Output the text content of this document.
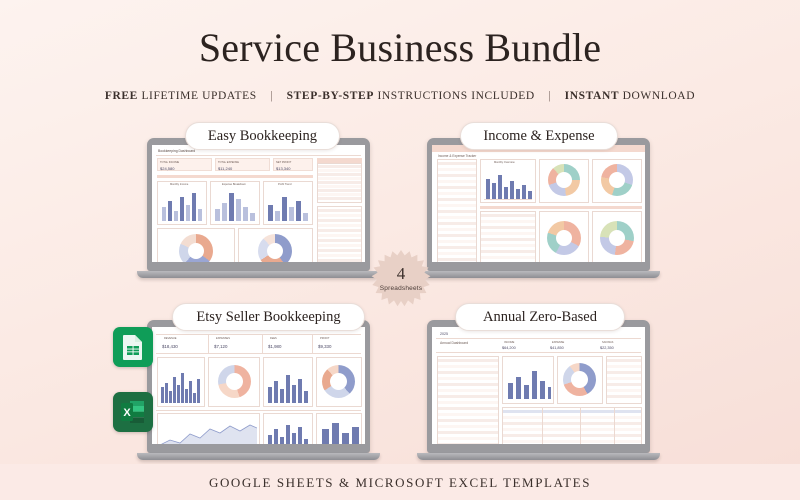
Service Business Bundle
FREE LIFETIME UPDATES | STEP-BY-STEP INSTRUCTIONS INCLUDED | INSTANT DOWNLOAD
Bookkeeping Dashboard
TOTAL INCOME
$24,580
TOTAL EXPENSE
$11,240
NET PROFIT
$13,340
Monthly Income	Expense Breakdown	Profit Trend
Easy Bookkeeping
Income & Expense Tracker
Monthly Overview
Income & Expense
REVENUE	EXPENSES	FEES	PROFIT
$18,430	$7,120	$1,980	$9,330
Etsy Seller Bookkeeping
2025
Annual Dashboard	INCOME	EXPENSE	SAVINGS
$64,200	$41,850	$22,350
Annual Zero-Based
4
Spreadsheets
X
GOOGLE SHEETS & MICROSOFT EXCEL TEMPLATES
